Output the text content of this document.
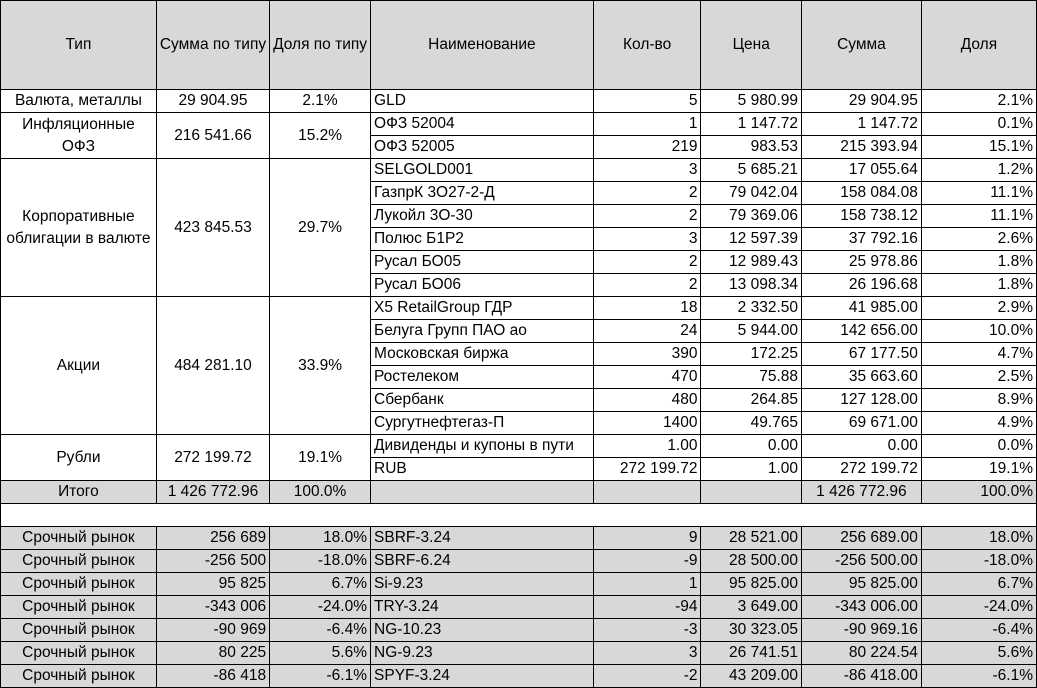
Тип	Сумма по типу	Доля по типу	Наименование	Кол-во	Цена	Сумма	Доля
Валюта, металлы	29 904.95	2.1%	GLD	5	5 980.99	29 904.95	2.1%
Инфляционные ОФЗ	216 541.66	15.2%	ОФЗ 52004	1	1 147.72	1 147.72	0.1%
			ОФЗ 52005	219	983.53	215 393.94	15.1%
Корпоративные облигации в валюте	423 845.53	29.7%	SELGOLD001	3	5 685.21	17 055.64	1.2%
			ГазпрК 3О27-2-Д	2	79 042.04	158 084.08	11.1%
			Лукойл 3О-30	2	79 369.06	158 738.12	11.1%
			Полюс Б1Р2	3	12 597.39	37 792.16	2.6%
			Русал БО05	2	12 989.43	25 978.86	1.8%
			Русал БО06	2	13 098.34	26 196.68	1.8%
Акции	484 281.10	33.9%	X5 RetailGroup ГДР	18	2 332.50	41 985.00	2.9%
			Белуга Групп ПАО ао	24	5 944.00	142 656.00	10.0%
			Московская биржа	390	172.25	67 177.50	4.7%
			Ростелеком	470	75.88	35 663.60	2.5%
			Сбербанк	480	264.85	127 128.00	8.9%
			Сургутнефтегаз-П	1400	49.765	69 671.00	4.9%
Рубли	272 199.72	19.1%	Дивиденды и купоны в пути	1.00	0.00	0.00	0.0%
			RUB	272 199.72	1.00	272 199.72	19.1%
Итого	1 426 772.96	100.0%				1 426 772.96	100.0%

Срочный рынок	256 689	18.0%	SBRF-3.24	9	28 521.00	256 689.00	18.0%
Срочный рынок	-256 500	-18.0%	SBRF-6.24	-9	28 500.00	-256 500.00	-18.0%
Срочный рынок	95 825	6.7%	Si-9.23	1	95 825.00	95 825.00	6.7%
Срочный рынок	-343 006	-24.0%	TRY-3.24	-94	3 649.00	-343 006.00	-24.0%
Срочный рынок	-90 969	-6.4%	NG-10.23	-3	30 323.05	-90 969.16	-6.4%
Срочный рынок	80 225	5.6%	NG-9.23	3	26 741.51	80 224.54	5.6%
Срочный рынок	-86 418	-6.1%	SPYF-3.24	-2	43 209.00	-86 418.00	-6.1%
